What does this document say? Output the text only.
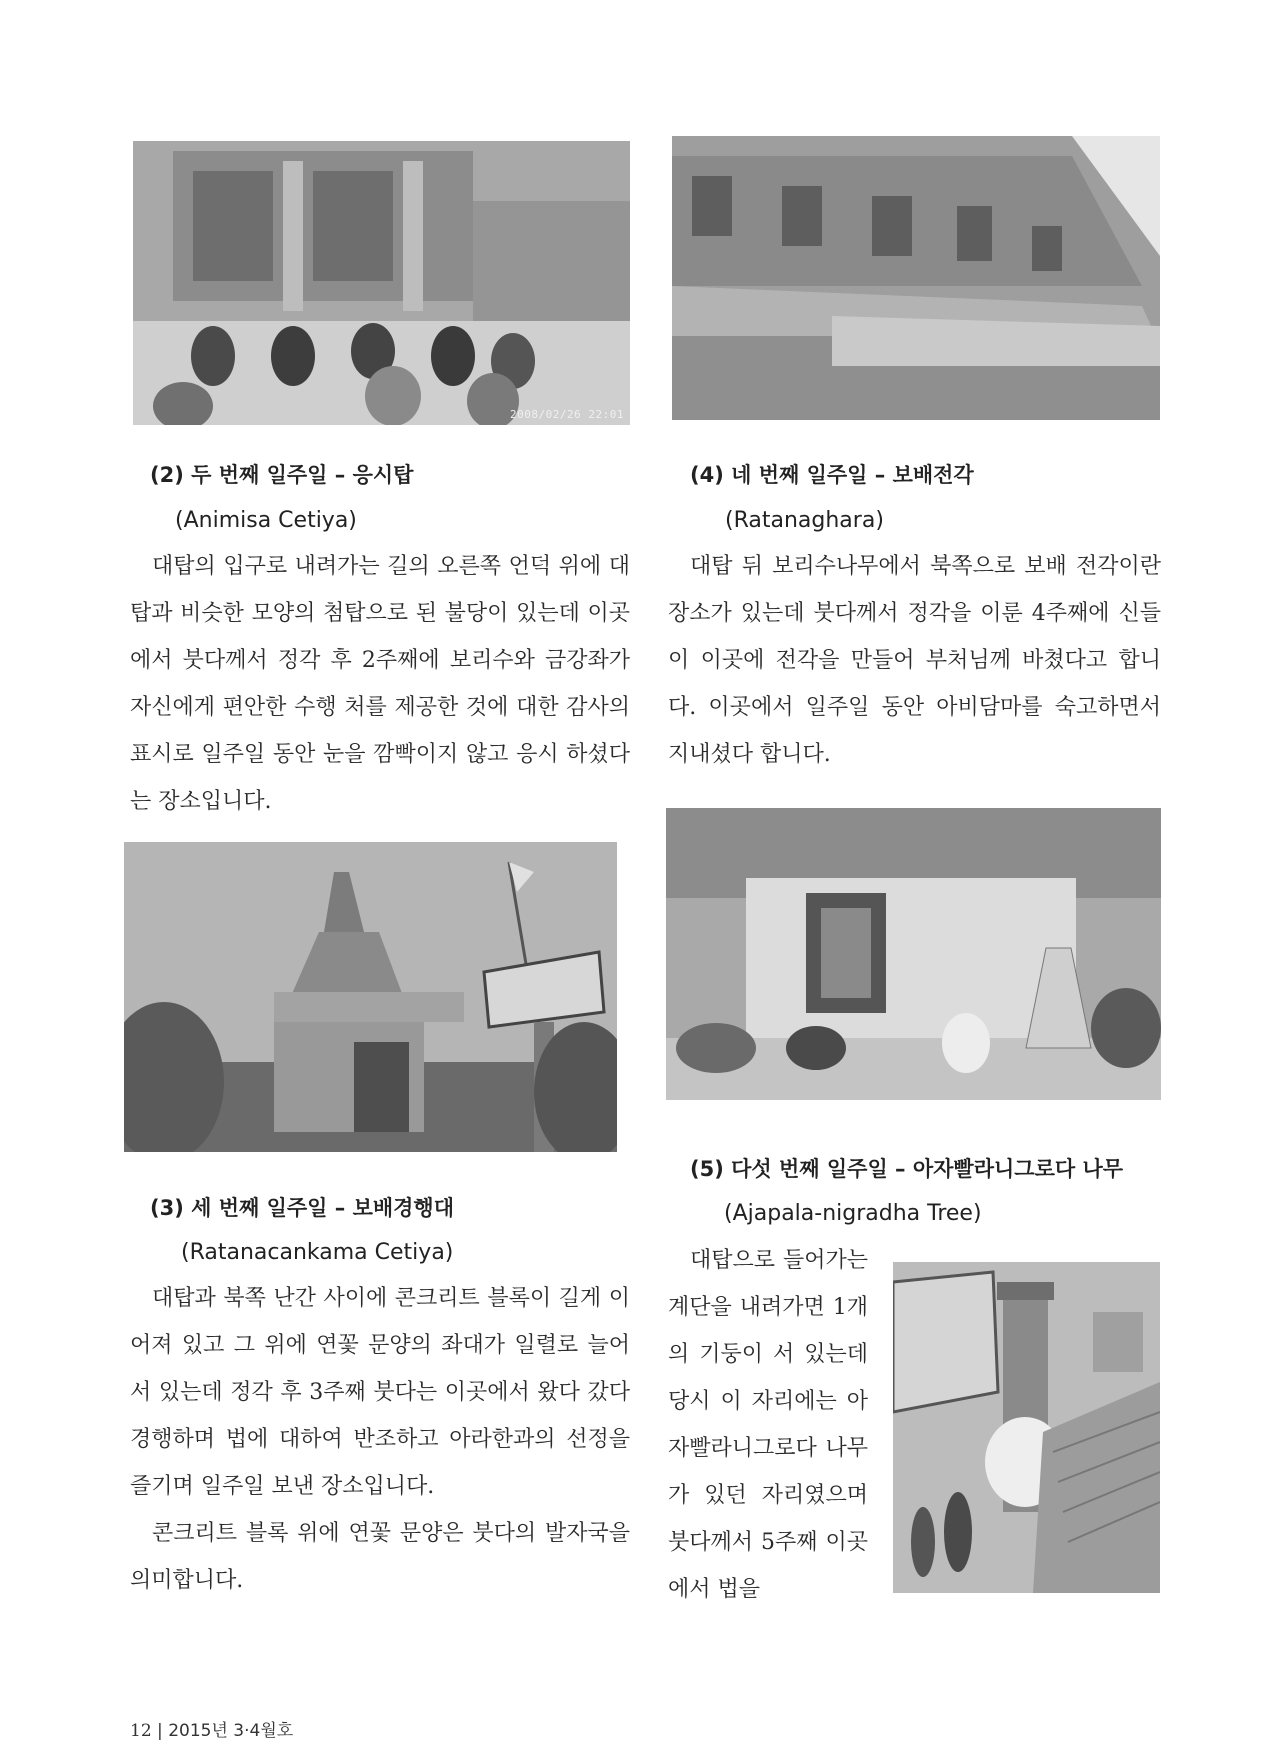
2008/02/26 22:01
(2) 두 번째 일주일 – 응시탑
(Animisa Cetiya)

대탑의 입구로 내려가는 길의 오른쪽 언덕 위에 대탑과 비슷한 모양의 첨탑으로 된 불당이 있는데 이곳에서 붓다께서 정각 후 2주째에 보리수와 금강좌가 자신에게 편안한 수행 처를 제공한 것에 대한 감사의 표시로 일주일 동안 눈을 깜빡이지 않고 응시 하셨다는 장소입니다.

(4) 네 번째 일주일 – 보배전각
(Ratanaghara)

대탑 뒤 보리수나무에서 북쪽으로 보배 전각이란 장소가 있는데 붓다께서 정각을 이룬 4주째에 신들이 이곳에 전각을 만들어 부처님께 바쳤다고 합니다. 이곳에서 일주일 동안 아비담마를 숙고하면서 지내셨다 합니다.

(3) 세 번째 일주일 – 보배경행대
(Ratanacankama Cetiya)

대탑과 북쪽 난간 사이에 콘크리트 블록이 길게 이어져 있고 그 위에 연꽃 문양의 좌대가 일렬로 늘어서 있는데 정각 후 3주째 붓다는 이곳에서 왔다 갔다 경행하며 법에 대하여 반조하고 아라한과의 선정을 즐기며 일주일 보낸 장소입니다.

콘크리트 블록 위에 연꽃 문양은 붓다의 발자국을 의미합니다.

(5) 다섯 번째 일주일 – 아자빨라니그로다 나무
(Ajapala-nigradha Tree)

대탑으로 들어가는 계단을 내려가면 1개의 기둥이 서 있는데 당시 이 자리에는 아자빨라니그로다 나무가 있던 자리였으며 붓다께서 5주째 이곳에서 법을

12 | 2015년 3·4월호
